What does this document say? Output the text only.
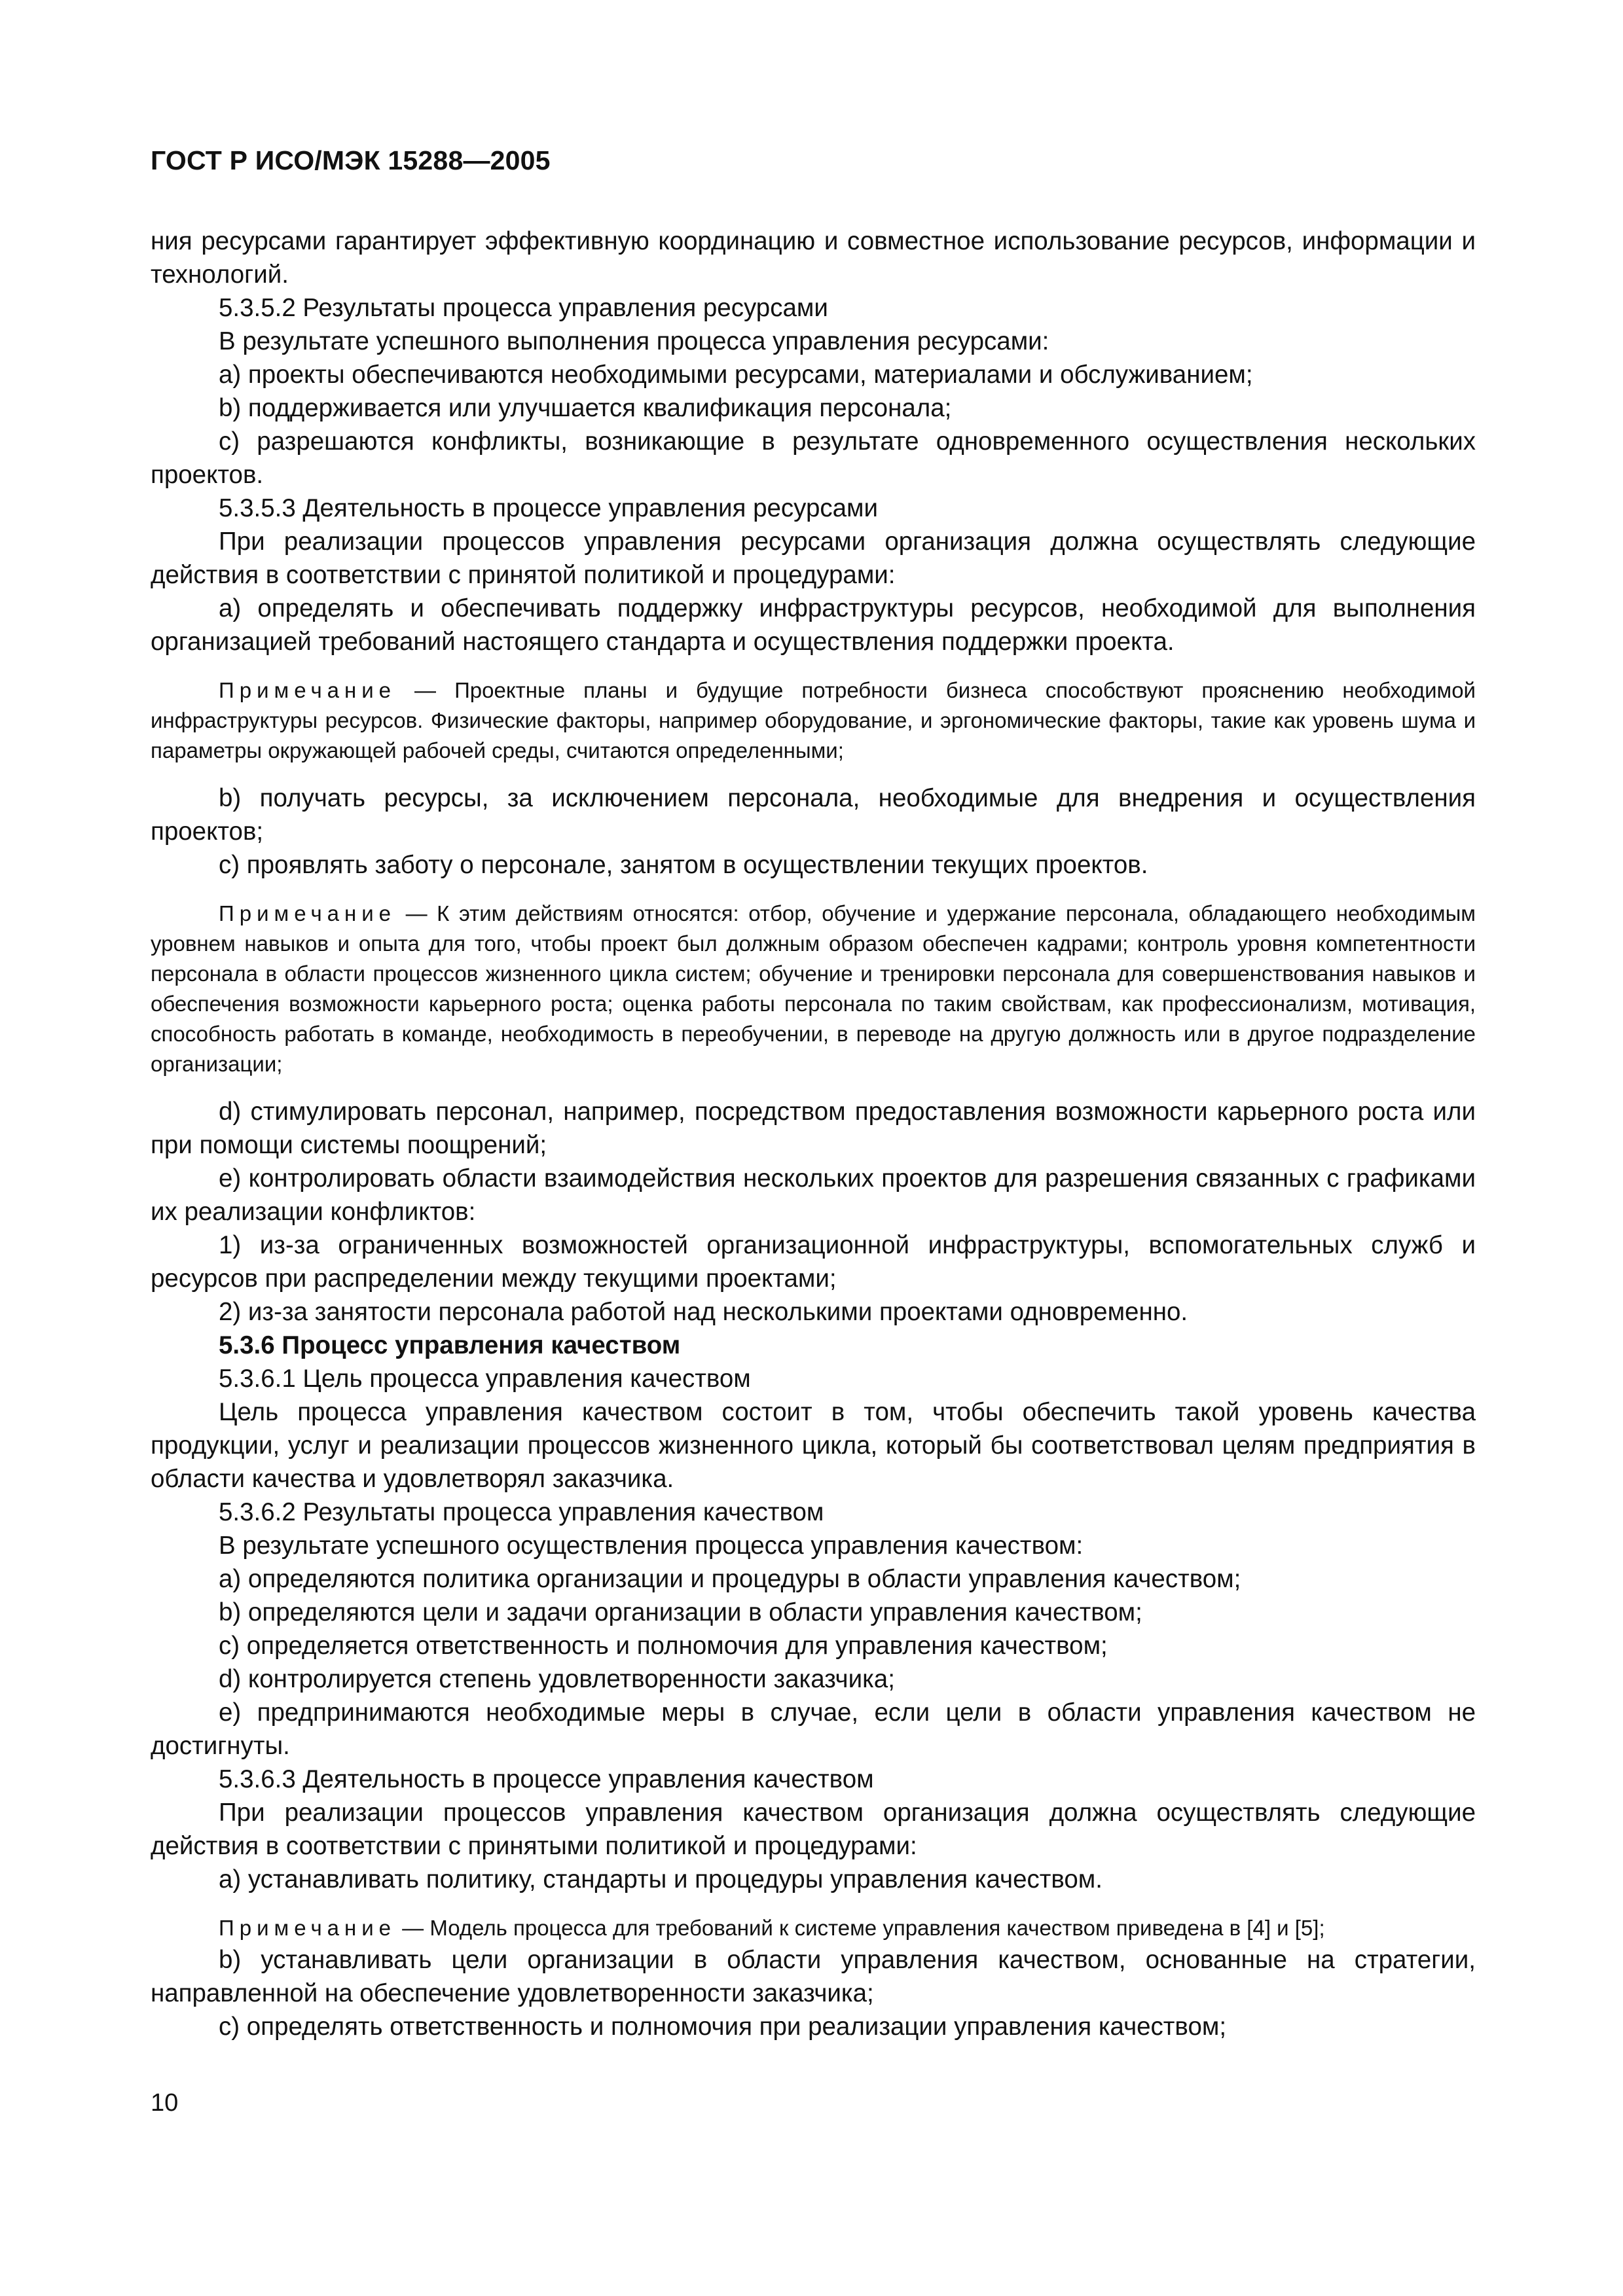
ГОСТ Р ИСО/МЭК 15288—2005

ния ресурсами гарантирует эффективную координацию и совместное использование ресурсов, информации и технологий.

5.3.5.2 Результаты процесса управления ресурсами

В результате успешного выполнения процесса управления ресурсами:

a) проекты обеспечиваются необходимыми ресурсами, материалами и обслуживанием;

b) поддерживается или улучшается квалификация персонала;

c) разрешаются конфликты, возникающие в результате одновременного осуществления нескольких проектов.

5.3.5.3 Деятельность в процессе управления ресурсами

При реализации процессов управления ресурсами организация должна осуществлять следующие действия в соответствии с принятой политикой и процедурами:

a) определять и обеспечивать поддержку инфраструктуры ресурсов, необходимой для выполнения организацией требований настоящего стандарта и осуществления поддержки проекта.

Примечание — Проектные планы и будущие потребности бизнеса способствуют прояснению необходимой инфраструктуры ресурсов. Физические факторы, например оборудование, и эргономические факторы, такие как уровень шума и параметры окружающей рабочей среды, считаются определенными;

b) получать ресурсы, за исключением персонала, необходимые для внедрения и осуществления проектов;

c) проявлять заботу о персонале, занятом в осуществлении текущих проектов.

Примечание — К этим действиям относятся: отбор, обучение и удержание персонала, обладающего необходимым уровнем навыков и опыта для того, чтобы проект был должным образом обеспечен кадрами; контроль уровня компетентности персонала в области процессов жизненного цикла систем; обучение и тренировки персонала для совершенствования навыков и обеспечения возможности карьерного роста; оценка работы персонала по таким свойствам, как профессионализм, мотивация, способность работать в команде, необходимость в переобучении, в переводе на другую должность или в другое подразделение организации;

d) стимулировать персонал, например, посредством предоставления возможности карьерного роста или при помощи системы поощрений;

e) контролировать области взаимодействия нескольких проектов для разрешения связанных с графиками их реализации конфликтов:

1) из-за ограниченных возможностей организационной инфраструктуры, вспомогательных служб и ресурсов при распределении между текущими проектами;

2) из-за занятости персонала работой над несколькими проектами одновременно.

5.3.6 Процесс управления качеством

5.3.6.1 Цель процесса управления качеством

Цель процесса управления качеством состоит в том, чтобы обеспечить такой уровень качества продукции, услуг и реализации процессов жизненного цикла, который бы соответствовал целям предприятия в области качества и удовлетворял заказчика.

5.3.6.2 Результаты процесса управления качеством

В результате успешного осуществления процесса управления качеством:

a) определяются политика организации и процедуры в области управления качеством;

b) определяются цели и задачи организации в области управления качеством;

c) определяется ответственность и полномочия для управления качеством;

d) контролируется степень удовлетворенности заказчика;

e) предпринимаются необходимые меры в случае, если цели в области управления качеством не достигнуты.

5.3.6.3 Деятельность в процессе управления качеством

При реализации процессов управления качеством организация должна осуществлять следующие действия в соответствии с принятыми политикой и процедурами:

a) устанавливать политику, стандарты и процедуры управления качеством.

Примечание — Модель процесса для требований к системе управления качеством приведена в [4] и [5];

b) устанавливать цели организации в области управления качеством, основанные на стратегии, направленной на обеспечение удовлетворенности заказчика;

c) определять ответственность и полномочия при реализации управления качеством;

10
